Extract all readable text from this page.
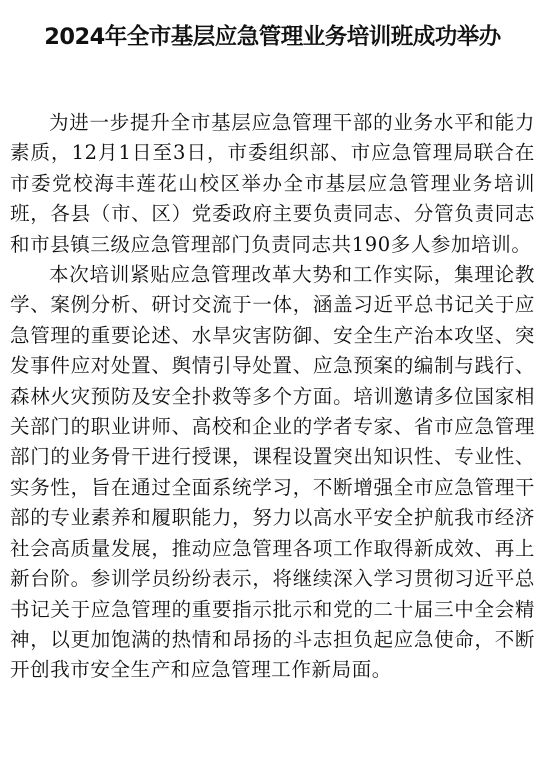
2024年全市基层应急管理业务培训班成功举办

为进一步提升全市基层应急管理干部的业务水平和能力素质，12月1日至3日，市委组织部、市应急管理局联合在市委党校海丰莲花山校区举办全市基层应急管理业务培训班，各县（市、区）党委政府主要负责同志、分管负责同志和市县镇三级应急管理部门负责同志共190多人参加培训。

本次培训紧贴应急管理改革大势和工作实际，集理论教学、案例分析、研讨交流于一体，涵盖习近平总书记关于应急管理的重要论述、水旱灾害防御、安全生产治本攻坚、突发事件应对处置、舆情引导处置、应急预案的编制与践行、森林火灾预防及安全扑救等多个方面。培训邀请多位国家相关部门的职业讲师、高校和企业的学者专家、省市应急管理部门的业务骨干进行授课，课程设置突出知识性、专业性、实务性，旨在通过全面系统学习，不断增强全市应急管理干部的专业素养和履职能力，努力以高水平安全护航我市经济社会高质量发展，推动应急管理各项工作取得新成效、再上新台阶。参训学员纷纷表示，将继续深入学习贯彻习近平总书记关于应急管理的重要指示批示和党的二十届三中全会精神，以更加饱满的热情和昂扬的斗志担负起应急使命，不断开创我市安全生产和应急管理工作新局面。
